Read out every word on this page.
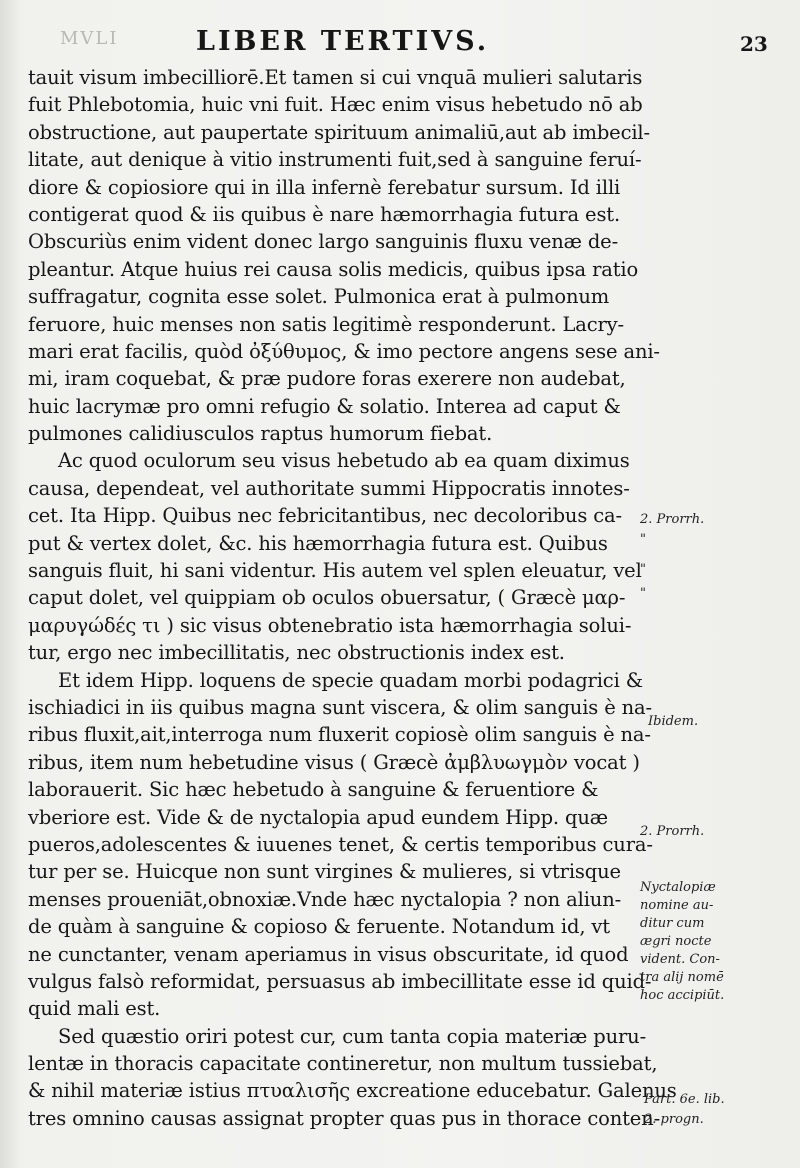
MVLI	LIBER TERTIVS.	23
tauit visum imbecilliorē.Et tamen si cui vnquā mulieri salutaris
fuit Phlebotomia, huic vni fuit. Hæc enim visus hebetudo nō ab
obstructione, aut paupertate spirituum animaliū,aut ab imbecil-
litate, aut denique à vitio instrumenti fuit,sed à sanguine feruí-
diore & copiosiore qui in illa infernè ferebatur sursum. Id illi
contigerat quod & iis quibus è nare hæmorrhagia futura est.
Obscuriùs enim vident donec largo sanguinis fluxu venæ de-
pleantur. Atque huius rei causa solis medicis, quibus ipsa ratio
suffragatur, cognita esse solet. Pulmonica erat à pulmonum
feruore, huic menses non satis legitimè responderunt. Lacry-
mari erat facilis, quòd ὀξύθυμος, & imo pectore angens sese ani-
mi, iram coquebat, & præ pudore foras exerere non audebat,
huic lacrymæ pro omni refugio & solatio. Interea ad caput &
pulmones calidiusculos raptus humorum fiebat.
Ac quod oculorum seu visus hebetudo ab ea quam diximus
causa, dependeat, vel authoritate summi Hippocratis innotes-
cet. Ita Hipp. Quibus nec febricitantibus, nec decoloribus ca-
put & vertex dolet, &c. his hæmorrhagia futura est. Quibus
sanguis fluit, hi sani videntur. His autem vel splen eleuatur, vel
caput dolet, vel quippiam ob oculos obuersatur, ( Græcè μαρ-
μαρυγώδές τι ) sic visus obtenebratio ista hæmorrhagia solui-
tur, ergo nec imbecillitatis, nec obstructionis index est.
Et idem Hipp. loquens de specie quadam morbi podagrici &
ischiadici in iis quibus magna sunt viscera, & olim sanguis è na-
ribus fluxit,ait,interroga num fluxerit copiosè olim sanguis è na-
ribus, item num hebetudine visus ( Græcè ἀμβλυωγμὸν vocat )
laborauerit. Sic hæc hebetudo à sanguine & feruentiore &
vberiore est. Vide & de nyctalopia apud eundem Hipp. quæ
pueros,adolescentes & iuuenes tenet, & certis temporibus cura-
tur per se. Huicque non sunt virgines & mulieres, si vtrisque
menses proueniāt,obnoxiæ.Vnde hæc nyctalopia ? non aliun-
de quàm à sanguine & copioso & feruente. Notandum id, vt
ne cunctanter, venam aperiamus in visus obscuritate, id quod
vulgus falsò reformidat, persuasus ab imbecillitate esse id quid-
quid mali est.
Sed quæstio oriri potest cur, cum tanta copia materiæ puru-
lentæ in thoracis capacitate contineretur, non multum tussiebat,
& nihil materiæ istius πτυαλισῆς excreatione educebatur. Galenus
tres omnino causas assignat propter quas pus in thorace conten-
2. Prorrh.
"
"
"
Ibidem.
2. Prorrh.
Nyctalopiæ
nomine au-
ditur cum
ægri nocte
vident. Con-
tra alij nomē
hoc accipiūt.
Part. 6e. lib.
2. progn.
